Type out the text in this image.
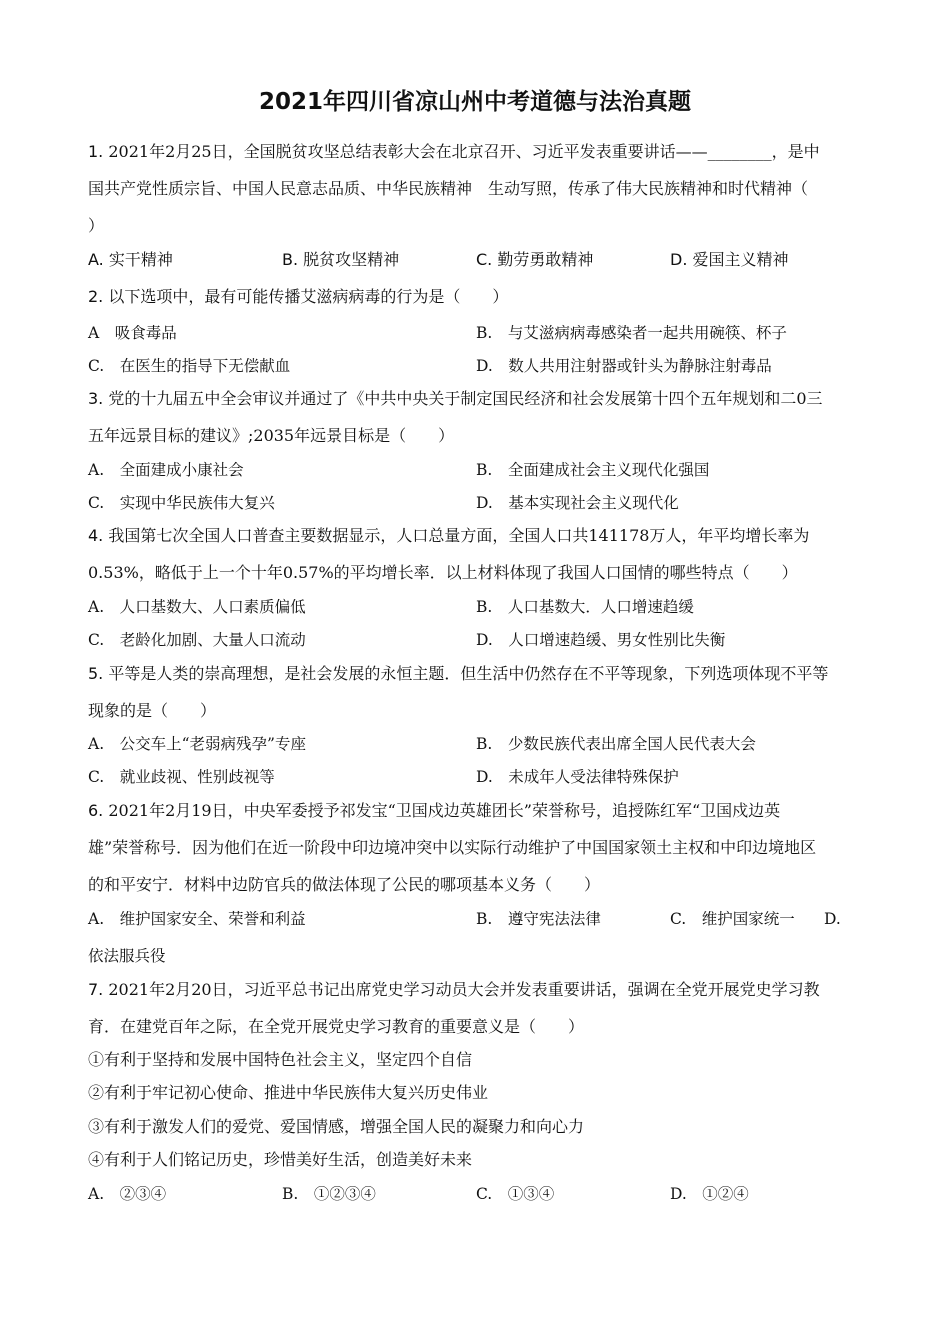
2021年四川省凉山州中考道德与法治真题
1. 2021年2月25日，全国脱贫攻坚总结表彰大会在北京召开、习近平发表重要讲话——________，是中
国共产党性质宗旨、中国人民意志品质、中华民族精神　生动写照，传承了伟大民族精神和时代精神（
）
A. 实干精神	B. 脱贫攻坚精神	C. 勤劳勇敢精神	D. 爱国主义精神
2. 以下选项中，最有可能传播艾滋病病毒的行为是（　　）
A　吸食毒品	B.　与艾滋病病毒感染者一起共用碗筷、杯子
C.　在医生的指导下无偿献血	D.　数人共用注射器或针头为静脉注射毒品
3. 党的十九届五中全会审议并通过了《中共中央关于制定国民经济和社会发展第十四个五年规划和二0三
五年远景目标的建议》;2035年远景目标是（　　）
A.　全面建成小康社会	B.　全面建成社会主义现代化强国
C.　实现中华民族伟大复兴	D.　基本实现社会主义现代化
4. 我国第七次全国人口普查主要数据显示，人口总量方面，全国人口共141178万人，年平均增长率为
0.53%，略低于上一个十年0.57%的平均增长率．以上材料体现了我国人口国情的哪些特点（　　）
A.　人口基数大、人口素质偏低	B.　人口基数大．人口增速趋缓
C.　老龄化加剧、大量人口流动	D.　人口增速趋缓、男女性别比失衡
5. 平等是人类的崇高理想，是社会发展的永恒主题．但生活中仍然存在不平等现象，下列选项体现不平等
现象的是（　　）
A.　公交车上“老弱病残孕”专座	B.　少数民族代表出席全国人民代表大会
C.　就业歧视、性别歧视等	D.　未成年人受法律特殊保护
6. 2021年2月19日，中央军委授予祁发宝“卫国戍边英雄团长”荣誉称号，追授陈红军“卫国戍边英
雄”荣誉称号．因为他们在近一阶段中印边境冲突中以实际行动维护了中国国家领土主权和中印边境地区
的和平安宁．材料中边防官兵的做法体现了公民的哪项基本义务（　　）
A.　维护国家安全、荣誉和利益	B.　遵守宪法法律	C.　维护国家统一 D.
依法服兵役
7. 2021年2月20日，习近平总书记出席党史学习动员大会并发表重要讲话，强调在全党开展党史学习教
育．在建党百年之际，在全党开展党史学习教育的重要意义是（　　）
①有利于坚持和发展中国特色社会主义，坚定四个自信
②有利于牢记初心使命、推进中华民族伟大复兴历史伟业
③有利于激发人们的爱党、爱国情感，增强全国人民的凝聚力和向心力
④有利于人们铭记历史，珍惜美好生活，创造美好未来
A.　②③④	B.　①②③④	C.　①③④	D.　①②④
